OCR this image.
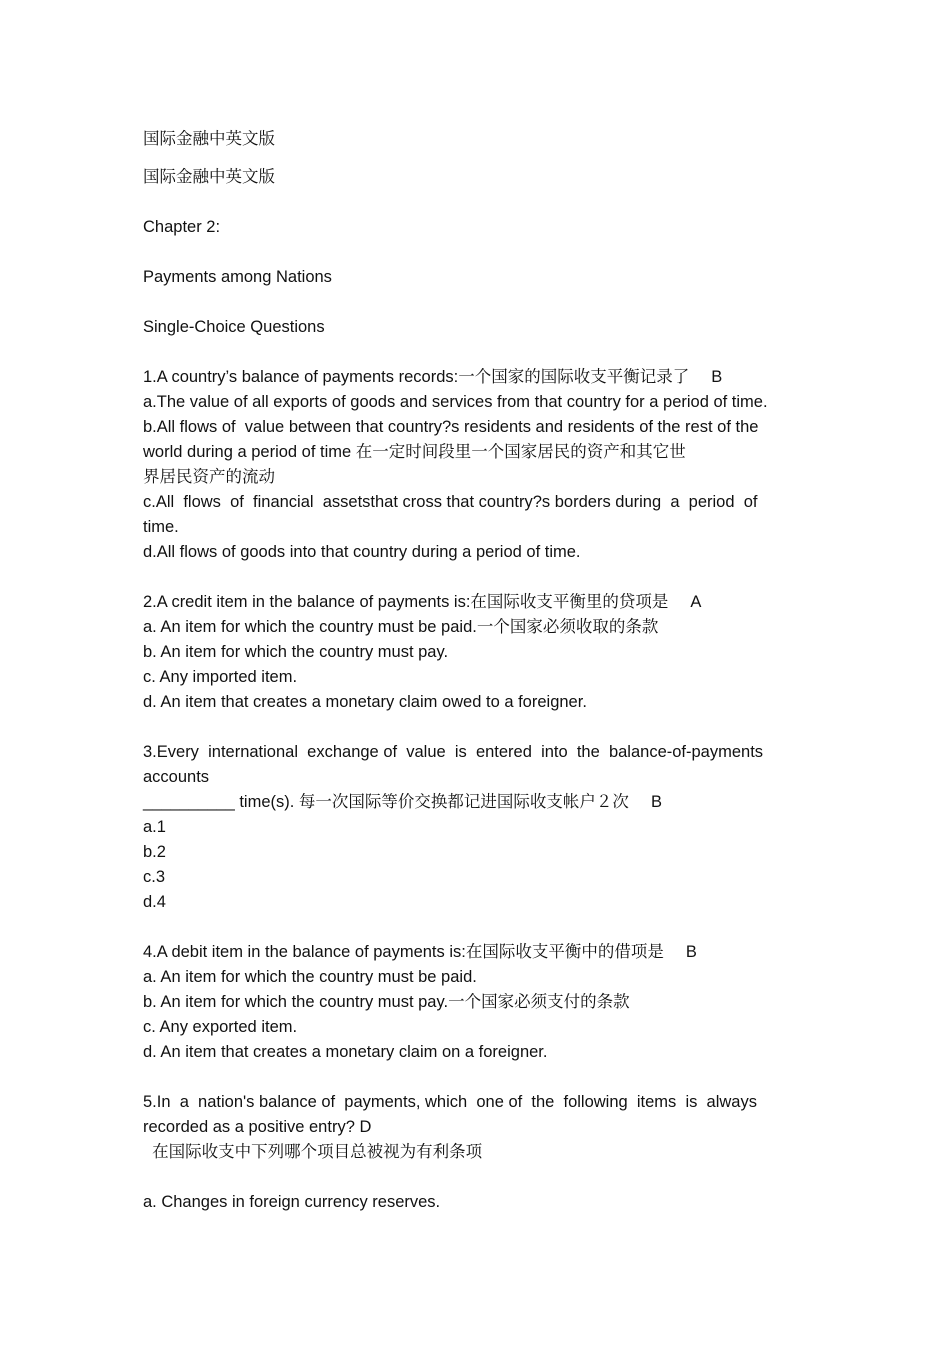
国际金融中英文版
国际金融中英文版
Chapter 2:
Payments among Nations
Single-Choice Questions
1.A country’s balance of payments records:一个国家的国际收支平衡记录了 B
a.The value of all exports of goods and services from that country for a period of time.
b.All flows of  value between that country?s residents and residents of the rest of the
world during a period of time 在一定时间段里一个国家居民的资产和其它世
界居民资产的流动
c.All  flows  of  financial  assetsthat cross that country?s borders during  a  period  of
time.
d.All flows of goods into that country during a period of time.
2.A credit item in the balance of payments is:在国际收支平衡里的贷项是 A
a. An item for which the country must be paid.一个国家必须收取的条款
b. An item for which the country must pay.
c. Any imported item.
d. An item that creates a monetary claim owed to a foreigner.
3.Every  international  exchange of  value  is  entered  into  the  balance-of-payments
accounts
__________ time(s). 每一次国际等价交换都记进国际收支帐户２次 B
a.1
b.2
c.3
d.4
4.A debit item in the balance of payments is:在国际收支平衡中的借项是 B
a. An item for which the country must be paid.
b. An item for which the country must pay.一个国家必须支付的条款
c. Any exported item.
d. An item that creates a monetary claim on a foreigner.
5.In  a  nation's balance of  payments, which  one of  the  following  items  is  always
recorded as a positive entry? D
在国际收支中下列哪个项目总被视为有利条项
a. Changes in foreign currency reserves.
